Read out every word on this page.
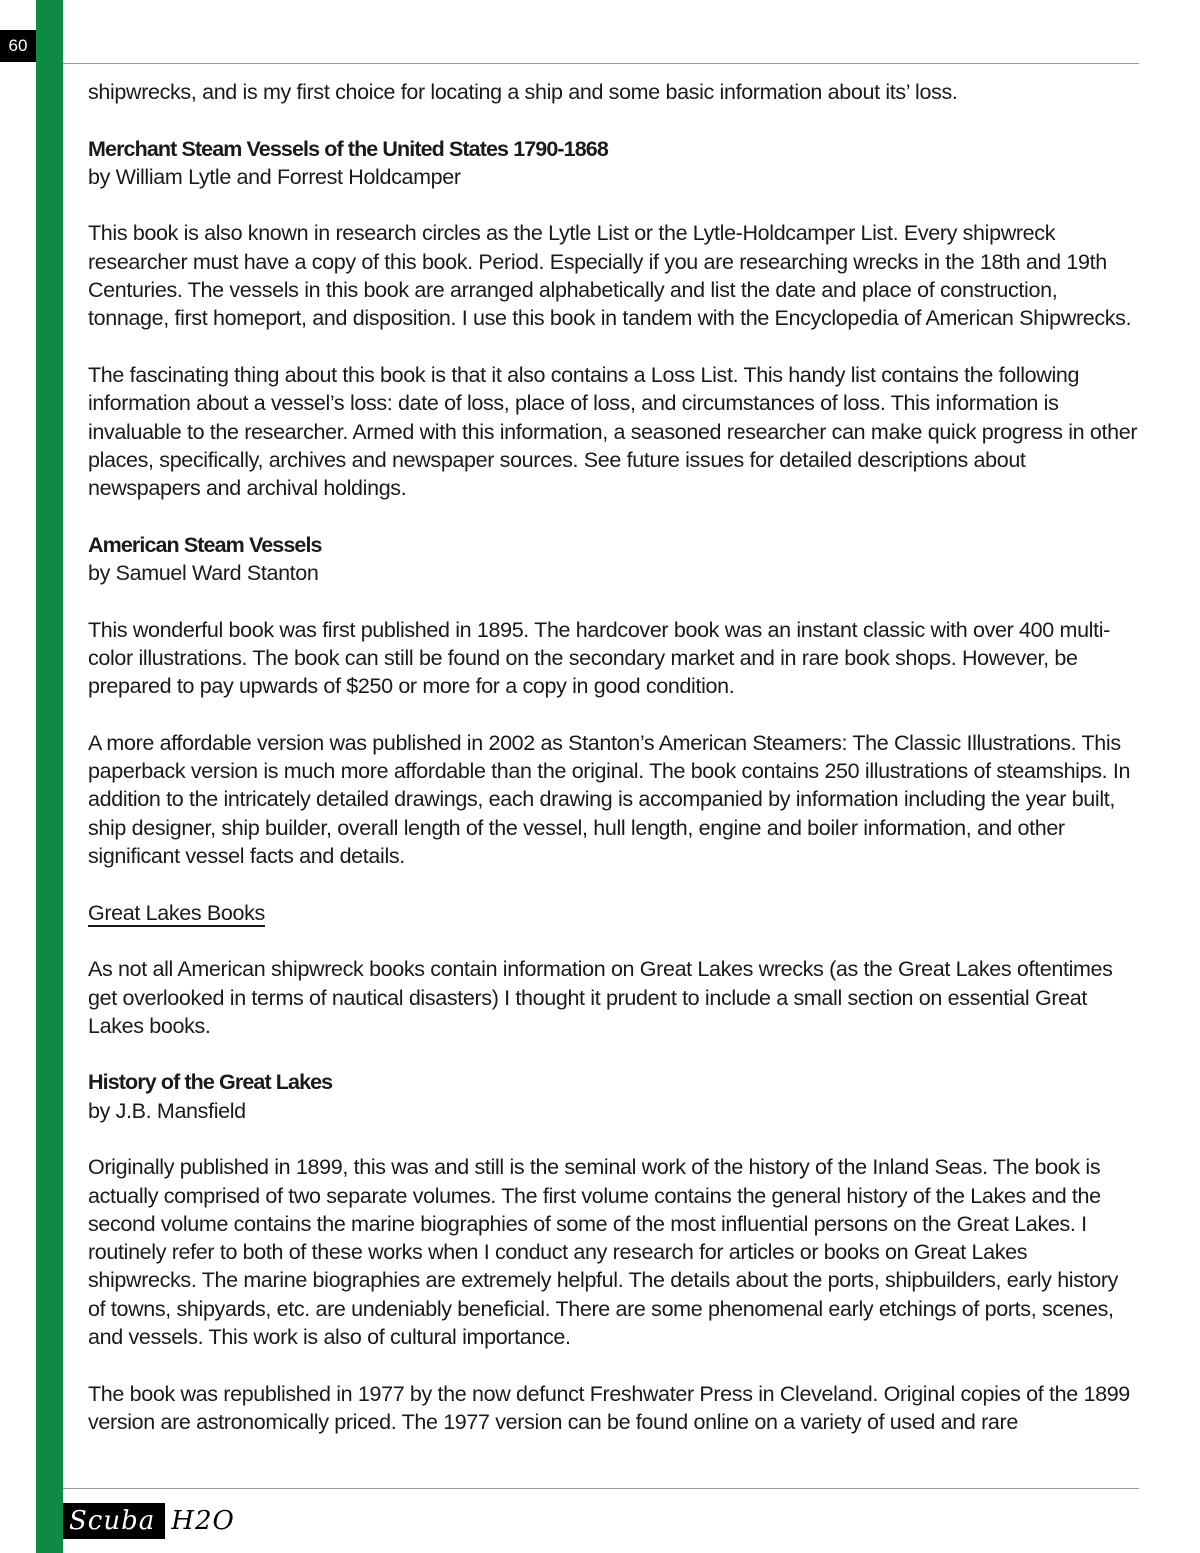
60

shipwrecks, and is my first choice for locating a ship and some basic information about its’ loss.

Merchant Steam Vessels of the United States 1790-1868
by William Lytle and Forrest Holdcamper

This book is also known in research circles as the Lytle List or the Lytle-Holdcamper List. Every shipwreck researcher must have a copy of this book. Period. Especially if you are researching wrecks in the 18th and 19th Centuries. The vessels in this book are arranged alphabetically and list the date and place of construction, tonnage, first homeport, and disposition. I use this book in tandem with the Encyclopedia of American Shipwrecks.

The fascinating thing about this book is that it also contains a Loss List. This handy list contains the following information about a vessel’s loss: date of loss, place of loss, and circumstances of loss. This information is invaluable to the researcher. Armed with this information, a seasoned researcher can make quick progress in other places, specifically, archives and newspaper sources. See future issues for detailed descriptions about newspapers and archival holdings.

American Steam Vessels
by Samuel Ward Stanton

This wonderful book was first published in 1895. The hardcover book was an instant classic with over 400 multi-color illustrations. The book can still be found on the secondary market and in rare book shops. However, be prepared to pay upwards of $250 or more for a copy in good condition.

A more affordable version was published in 2002 as Stanton’s American Steamers: The Classic Illustrations. This paperback version is much more affordable than the original. The book contains 250 illustrations of steamships. In addition to the intricately detailed drawings, each drawing is accompanied by information including the year built, ship designer, ship builder, overall length of the vessel, hull length, engine and boiler information, and other significant vessel facts and details.

Great Lakes Books

As not all American shipwreck books contain information on Great Lakes wrecks (as the Great Lakes oftentimes get overlooked in terms of nautical disasters) I thought it prudent to include a small section on essential Great Lakes books.

History of the Great Lakes
by J.B. Mansfield

Originally published in 1899, this was and still is the seminal work of the history of the Inland Seas. The book is actually comprised of two separate volumes. The first volume contains the general history of the Lakes and the second volume contains the marine biographies of some of the most influential persons on the Great Lakes. I routinely refer to both of these works when I conduct any research for articles or books on Great Lakes shipwrecks. The marine biographies are extremely helpful. The details about the ports, shipbuilders, early history of towns, shipyards, etc. are undeniably beneficial. There are some phenomenal early etchings of ports, scenes, and vessels. This work is also of cultural importance.

The book was republished in 1977 by the now defunct Freshwater Press in Cleveland. Original copies of the 1899 version are astronomically priced. The 1977 version can be found online on a variety of used and rare

Scuba H2O
